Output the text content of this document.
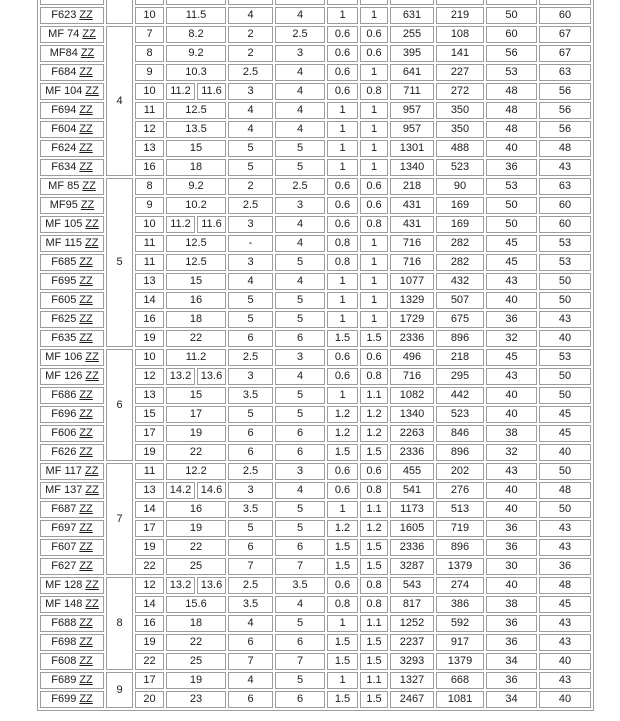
F623 ZZ		10	11.5		4	4	1	1	631	219	50	60
MF 74 ZZ	4	7	8.2		2	2.5	0.6	0.6	255	108	60	67
MF84 ZZ		8	9.2		2	3	0.6	0.6	395	141	56	67
F684 ZZ		9	10.3		2.5	4	0.6	1	641	227	53	63
MF 104 ZZ		10	11.2	11.6	3	4	0.6	0.8	711	272	48	56
F694 ZZ		11	12.5		4	4	1	1	957	350	48	56
F604 ZZ		12	13.5		4	4	1	1	957	350	48	56
F624 ZZ		13	15		5	5	1	1	1301	488	40	48
F634 ZZ		16	18		5	5	1	1	1340	523	36	43
MF 85 ZZ	5	8	9.2		2	2.5	0.6	0.6	218	90	53	63
MF95 ZZ		9	10.2		2.5	3	0.6	0.6	431	169	50	60
MF 105 ZZ		10	11.2	11.6	3	4	0.6	0.8	431	169	50	60
MF 115 ZZ		11	12.5		-	4	0.8	1	716	282	45	53
F685 ZZ		11	12.5		3	5	0.8	1	716	282	45	53
F695 ZZ		13	15		4	4	1	1	1077	432	43	50
F605 ZZ		14	16		5	5	1	1	1329	507	40	50
F625 ZZ		16	18		5	5	1	1	1729	675	36	43
F635 ZZ		19	22		6	6	1.5	1.5	2336	896	32	40
MF 106 ZZ	6	10	11.2		2.5	3	0.6	0.6	496	218	45	53
MF 126 ZZ		12	13.2	13.6	3	4	0.6	0.8	716	295	43	50
F686 ZZ		13	15		3.5	5	1	1.1	1082	442	40	50
F696 ZZ		15	17		5	5	1.2	1.2	1340	523	40	45
F606 ZZ		17	19		6	6	1.2	1.2	2263	846	38	45
F626 ZZ		19	22		6	6	1.5	1.5	2336	896	32	40
MF 117 ZZ	7	11	12.2		2.5	3	0.6	0.6	455	202	43	50
MF 137 ZZ		13	14.2	14.6	3	4	0.6	0.8	541	276	40	48
F687 ZZ		14	16		3.5	5	1	1.1	1173	513	40	50
F697 ZZ		17	19		5	5	1.2	1.2	1605	719	36	43
F607 ZZ		19	22		6	6	1.5	1.5	2336	896	36	43
F627 ZZ		22	25		7	7	1.5	1.5	3287	1379	30	36
MF 128 ZZ	8	12	13.2	13.6	2.5	3.5	0.6	0.8	543	274	40	48
MF 148 ZZ		14	15.6		3.5	4	0.8	0.8	817	386	38	45
F688 ZZ		16	18		4	5	1	1.1	1252	592	36	43
F698 ZZ		19	22		6	6	1.5	1.5	2237	917	36	43
F608 ZZ		22	25		7	7	1.5	1.5	3293	1379	34	40
F689 ZZ	9	17	19		4	5	1	1.1	1327	668	36	43
F699 ZZ		20	23		6	6	1.5	1.5	2467	1081	34	40
